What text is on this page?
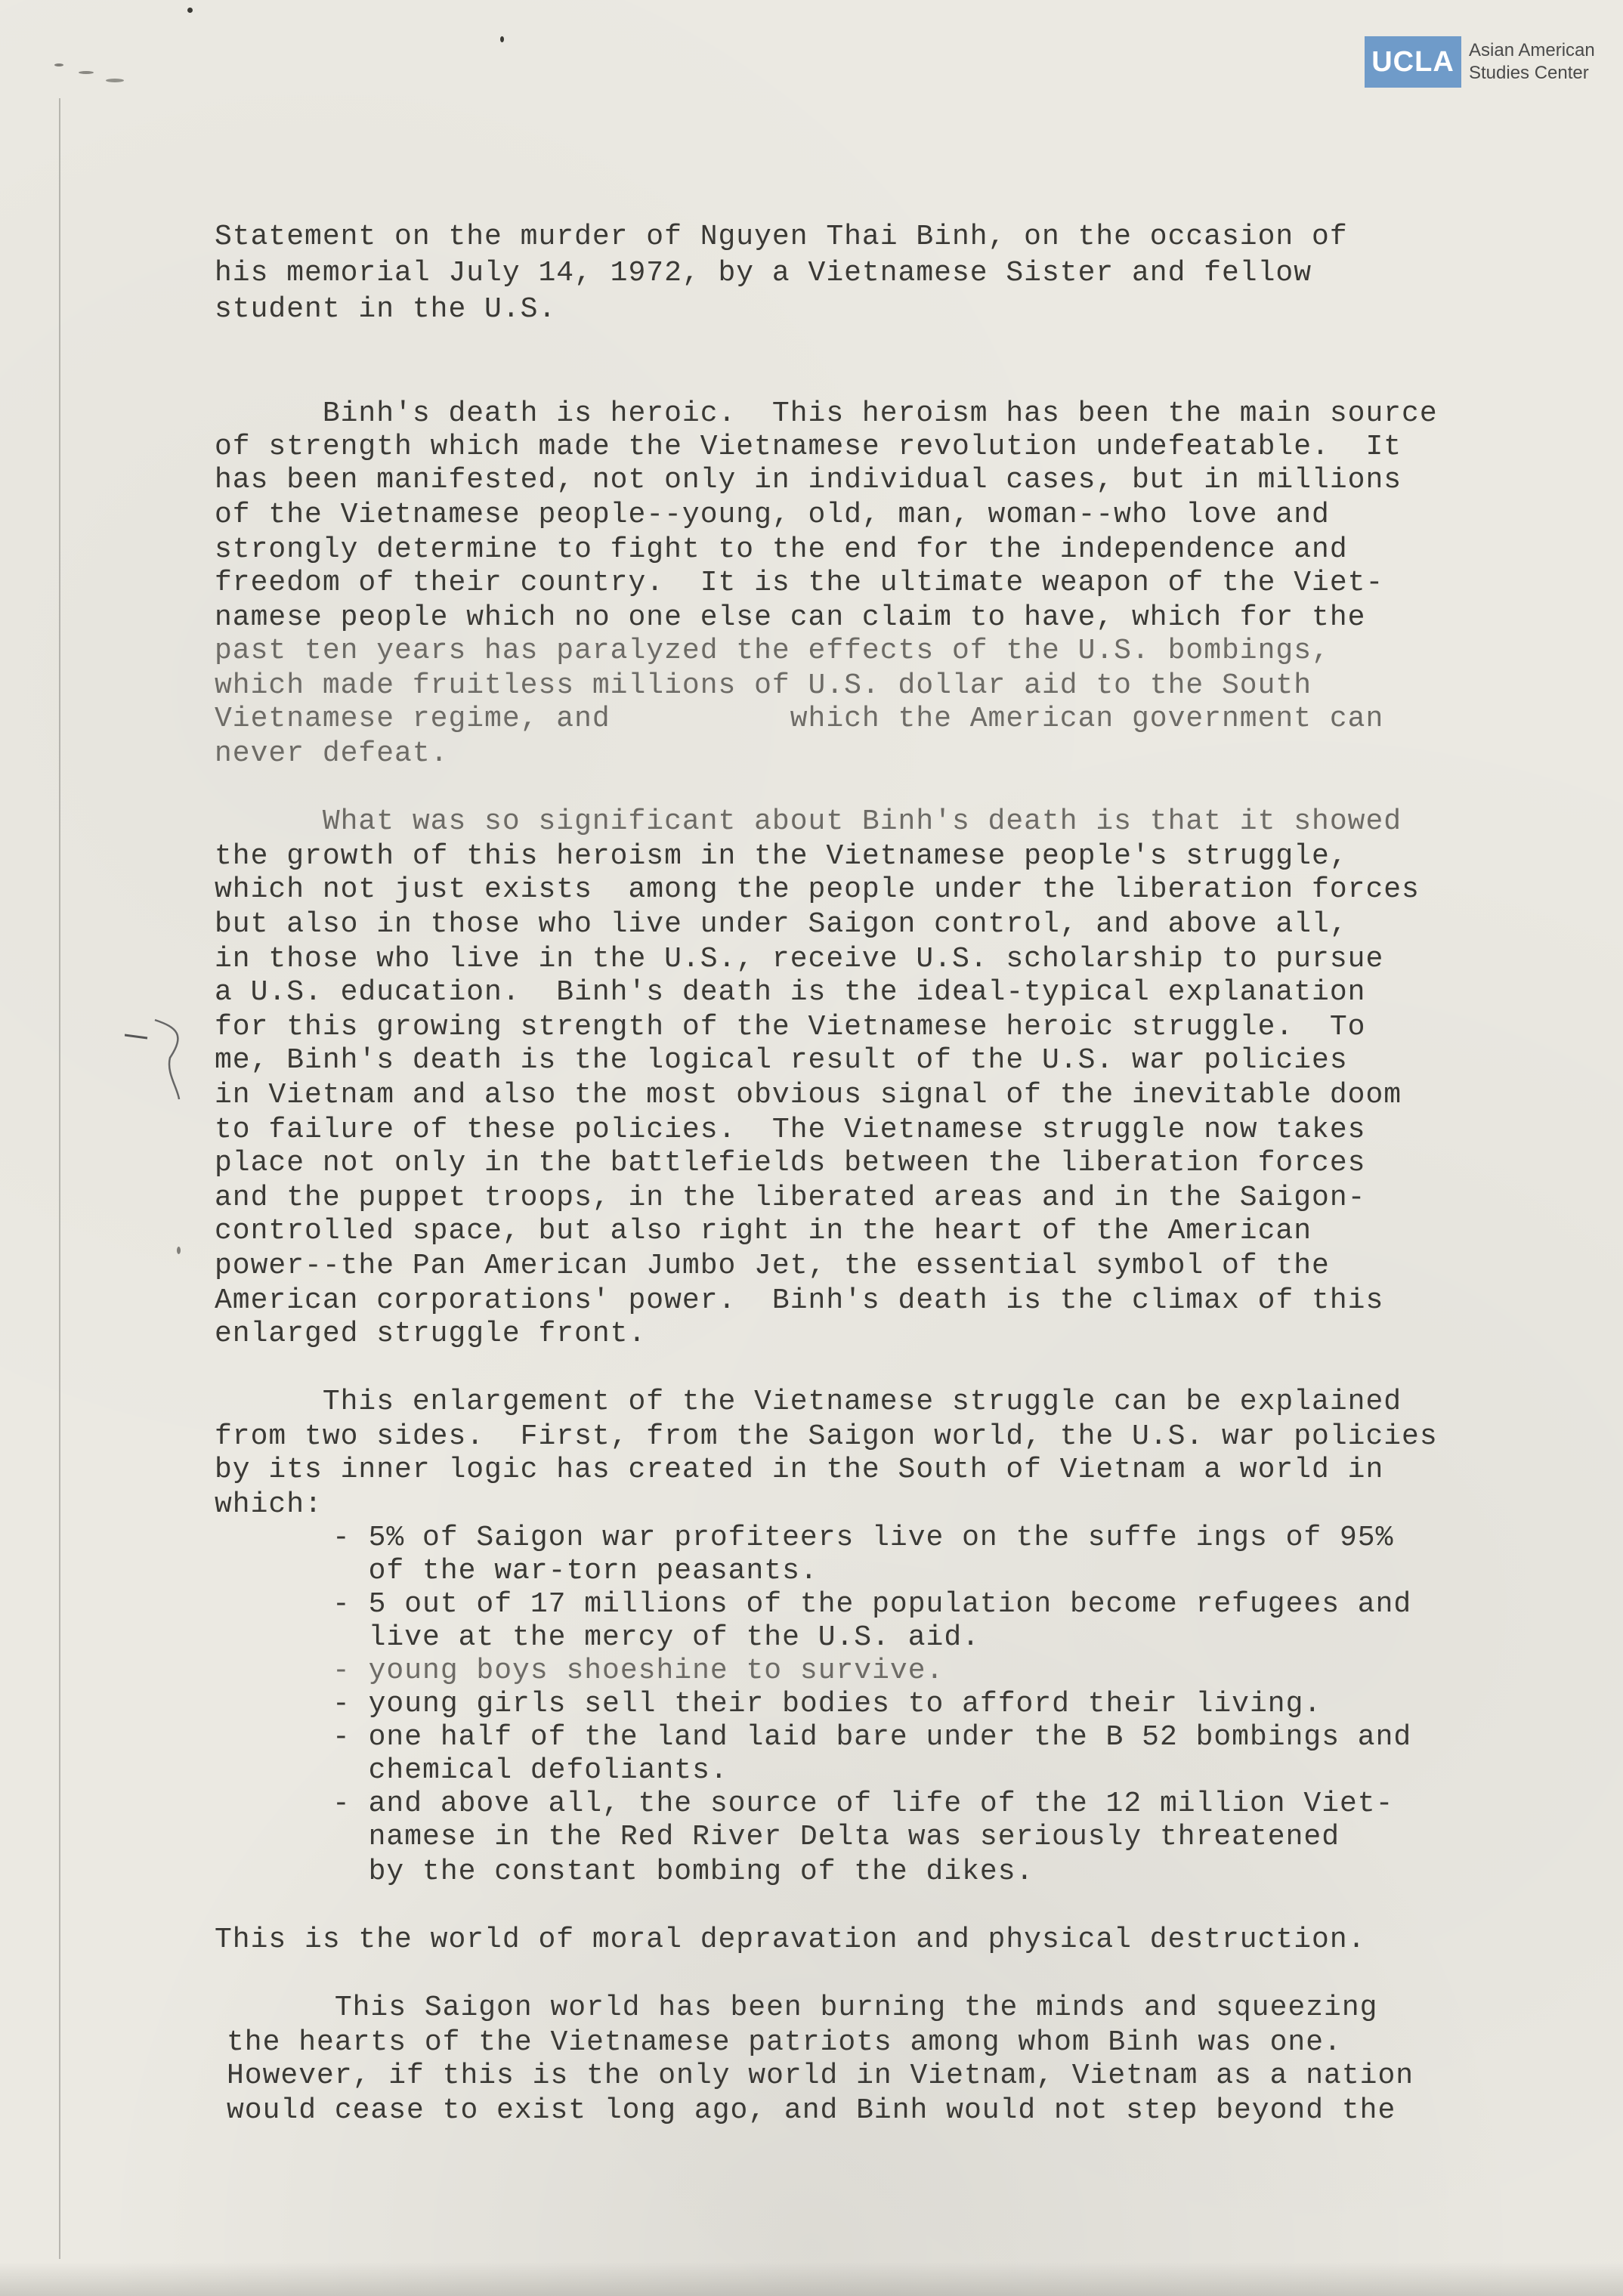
UCLA Asian American
Studies Center
Statement on the murder of Nguyen Thai Binh, on the occasion of
his memorial July 14, 1972, by a Vietnamese Sister and fellow
student in the U.S.
Binh's death is heroic.  This heroism has been the main source
of strength which made the Vietnamese revolution undefeatable.  It
has been manifested, not only in individual cases, but in millions
of the Vietnamese people--young, old, man, woman--who love and
strongly determine to fight to the end for the independence and
freedom of their country.  It is the ultimate weapon of the Viet-
namese people which no one else can claim to have, which for the
past ten years has paralyzed the effects of the U.S. bombings,
which made fruitless millions of U.S. dollar aid to the South
Vietnamese regime, and          which the American government can
never defeat.
What was so significant about Binh's death is that it showed
the growth of this heroism in the Vietnamese people's struggle,
which not just exists  among the people under the liberation forces
but also in those who live under Saigon control, and above all,
in those who live in the U.S., receive U.S. scholarship to pursue
a U.S. education.  Binh's death is the ideal-typical explanation
for this growing strength of the Vietnamese heroic struggle.  To
me, Binh's death is the logical result of the U.S. war policies
in Vietnam and also the most obvious signal of the inevitable doom
to failure of these policies.  The Vietnamese struggle now takes
place not only in the battlefields between the liberation forces
and the puppet troops, in the liberated areas and in the Saigon-
controlled space, but also right in the heart of the American
power--the Pan American Jumbo Jet, the essential symbol of the
American corporations' power.  Binh's death is the climax of this
enlarged struggle front.
This enlargement of the Vietnamese struggle can be explained
from two sides.  First, from the Saigon world, the U.S. war policies
by its inner logic has created in the South of Vietnam a world in
which:
- 5% of Saigon war profiteers live on the suffe ings of 95%
of the war-torn peasants.
- 5 out of 17 millions of the population become refugees and
live at the mercy of the U.S. aid.
- young boys shoeshine to survive.
- young girls sell their bodies to afford their living.
- one half of the land laid bare under the B 52 bombings and
chemical defoliants.
- and above all, the source of life of the 12 million Viet-
namese in the Red River Delta was seriously threatened
by the constant bombing of the dikes.
This is the world of moral depravation and physical destruction.
This Saigon world has been burning the minds and squeezing
the hearts of the Vietnamese patriots among whom Binh was one.
However, if this is the only world in Vietnam, Vietnam as a nation
would cease to exist long ago, and Binh would not step beyond the
